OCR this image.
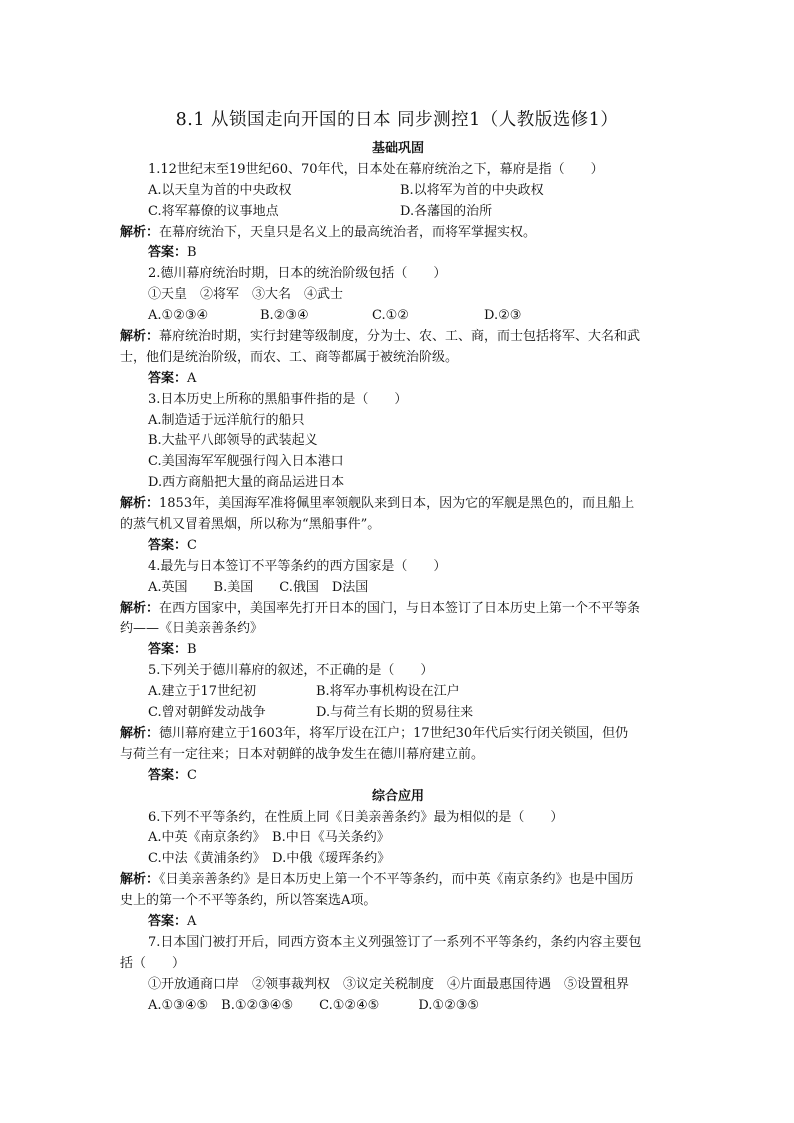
8.1 从锁国走向开国的日本 同步测控1（人教版选修1）
基础巩固
1.12世纪末至19世纪60、70年代，日本处在幕府统治之下，幕府是指（　　）
A.以天皇为首的中央政权	B.以将军为首的中央政权
C.将军幕僚的议事地点	D.各藩国的治所
解析：在幕府统治下，天皇只是名义上的最高统治者，而将军掌握实权。
答案：B
2.德川幕府统治时期，日本的统治阶级包括（　　）
①天皇　②将军　③大名　④武士
A.①②③④	B.②③④	C.①②	D.②③
解析：幕府统治时期，实行封建等级制度，分为士、农、工、商，而士包括将军、大名和武
士，他们是统治阶级，而农、工、商等都属于被统治阶级。
答案：A
3.日本历史上所称的黑船事件指的是（　　）
A.制造适于远洋航行的船只
B.大盐平八郎领导的武装起义
C.美国海军军舰强行闯入日本港口
D.西方商船把大量的商品运进日本
解析：1853年，美国海军准将佩里率领舰队来到日本，因为它的军舰是黑色的，而且船上
的蒸气机又冒着黑烟，所以称为“黑船事件”。
答案：C
4.最先与日本签订不平等条约的西方国家是（　　）
A.英国　　B.美国　　C.俄国　D法国
解析：在西方国家中，美国率先打开日本的国门，与日本签订了日本历史上第一个不平等条
约——《日美亲善条约》
答案：B
5.下列关于德川幕府的叙述，不正确的是（　　）
A.建立于17世纪初	B.将军办事机构设在江户
C.曾对朝鲜发动战争	D.与荷兰有长期的贸易往来
解析：德川幕府建立于1603年，将军厅设在江户；17世纪30年代后实行闭关锁国，但仍
与荷兰有一定往来；日本对朝鲜的战争发生在德川幕府建立前。
答案：C
综合应用
6.下列不平等条约，在性质上同《日美亲善条约》最为相似的是（　　）
A.中英《南京条约》　B.中日《马关条约》
C.中法《黄浦条约》　D.中俄《瑷珲条约》
解析：《日美亲善条约》是日本历史上第一个不平等条约，而中英《南京条约》也是中国历
史上的第一个不平等条约，所以答案选A项。
答案：A
7.日本国门被打开后，同西方资本主义列强签订了一系列不平等条约，条约内容主要包
括（　　）
①开放通商口岸　②领事裁判权　③议定关税制度　④片面最惠国待遇　⑤设置租界
A.①③④⑤　B.①②③④⑤　　C.①②④⑤　　　D.①②③⑤
